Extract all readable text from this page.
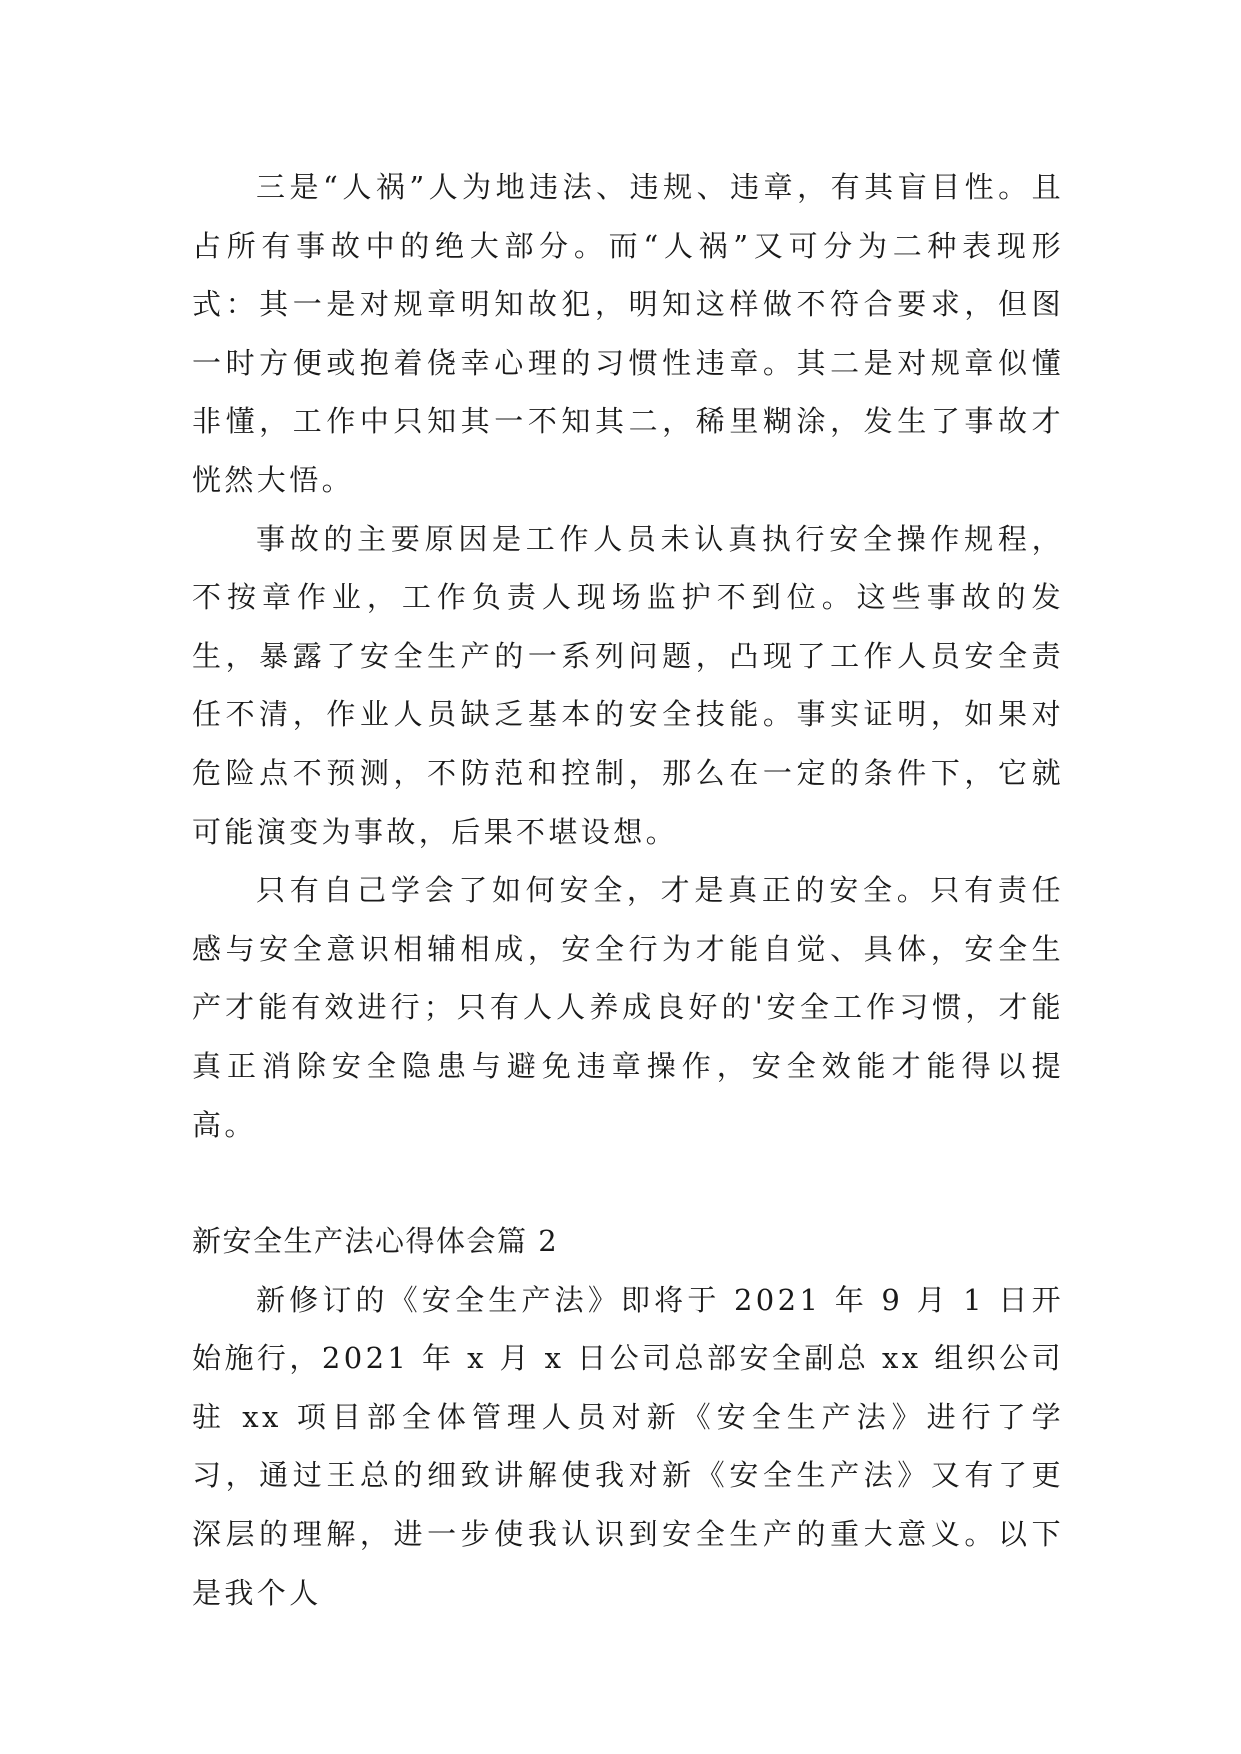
三是“人祸”人为地违法、违规、违章，有其盲目性。且占所有事故中的绝大部分。而“人祸”又可分为二种表现形式：其一是对规章明知故犯，明知这样做不符合要求，但图一时方便或抱着侥幸心理的习惯性违章。其二是对规章似懂非懂，工作中只知其一不知其二，稀里糊涂，发生了事故才恍然大悟。

事故的主要原因是工作人员未认真执行安全操作规程，不按章作业，工作负责人现场监护不到位。这些事故的发生，暴露了安全生产的一系列问题，凸现了工作人员安全责任不清，作业人员缺乏基本的安全技能。事实证明，如果对危险点不预测，不防范和控制，那么在一定的条件下，它就可能演变为事故，后果不堪设想。

只有自己学会了如何安全，才是真正的安全。只有责任感与安全意识相辅相成，安全行为才能自觉、具体，安全生产才能有效进行；只有人人养成良好的'安全工作习惯，才能真正消除安全隐患与避免违章操作，安全效能才能得以提高。

新安全生产法心得体会篇 2

新修订的《安全生产法》即将于 2021 年 9 月 1 日开始施行，2021 年 x 月 x 日公司总部安全副总 xx 组织公司驻 xx 项目部全体管理人员对新《安全生产法》进行了学习，通过王总的细致讲解使我对新《安全生产法》又有了更深层的理解，进一步使我认识到安全生产的重大意义。以下是我个人
